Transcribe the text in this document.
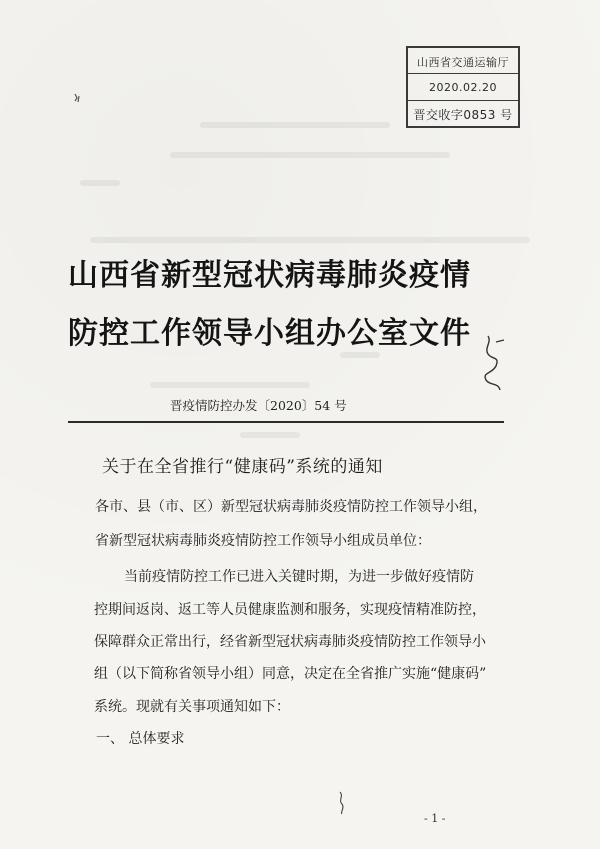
山西省交通运输厅
2020.02.20
晋交收字0853 号
山西省新型冠状病毒肺炎疫情
防控工作领导小组办公室文件
晋疫情防控办发〔2020〕54 号
关于在全省推行“健康码”系统的通知
各市、县（市、区）新型冠状病毒肺炎疫情防控工作领导小组，
省新型冠状病毒肺炎疫情防控工作领导小组成员单位：
当前疫情防控工作已进入关键时期，为进一步做好疫情防
控期间返岗、返工等人员健康监测和服务，实现疫情精准防控，
保障群众正常出行，经省新型冠状病毒肺炎疫情防控工作领导小
组（以下简称省领导小组）同意，决定在全省推广实施“健康码”
系统。现就有关事项通知如下：
一、 总体要求
- 1 -
